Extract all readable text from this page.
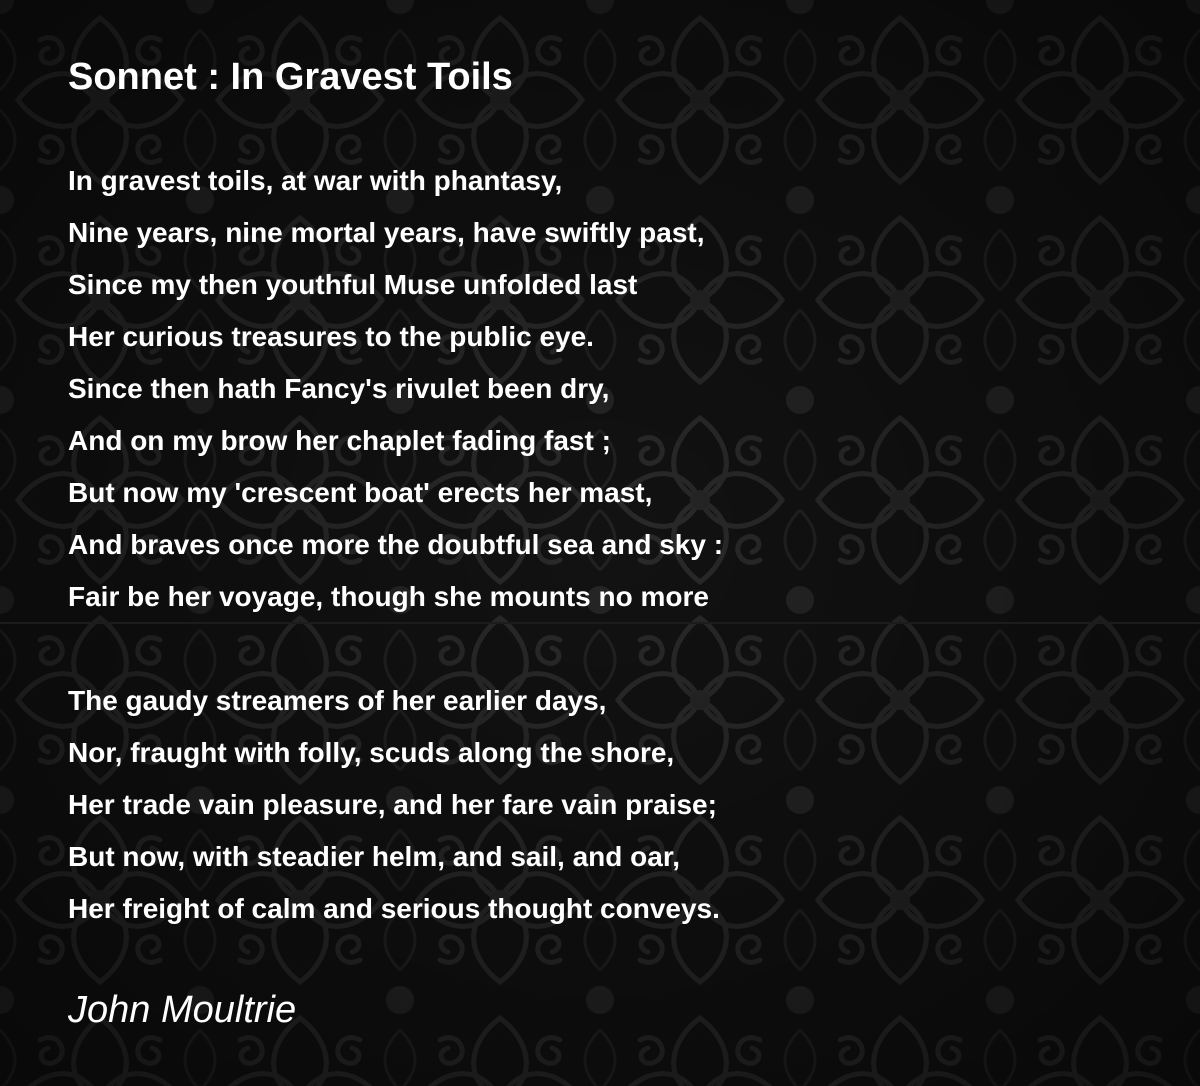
Sonnet : In Gravest Toils
In gravest toils, at war with phantasy,
Nine years, nine mortal years, have swiftly past,
Since my then youthful Muse unfolded last
Her curious treasures to the public eye.
Since then hath Fancy's rivulet been dry,
And on my brow her chaplet fading fast ;
But now my 'crescent boat' erects her mast,
And braves once more the doubtful sea and sky :
Fair be her voyage, though she mounts no more
The gaudy streamers of her earlier days,
Nor, fraught with folly, scuds along the shore,
Her trade vain pleasure, and her fare vain praise;
But now, with steadier helm, and sail, and oar,
Her freight of calm and serious thought conveys.
John Moultrie
